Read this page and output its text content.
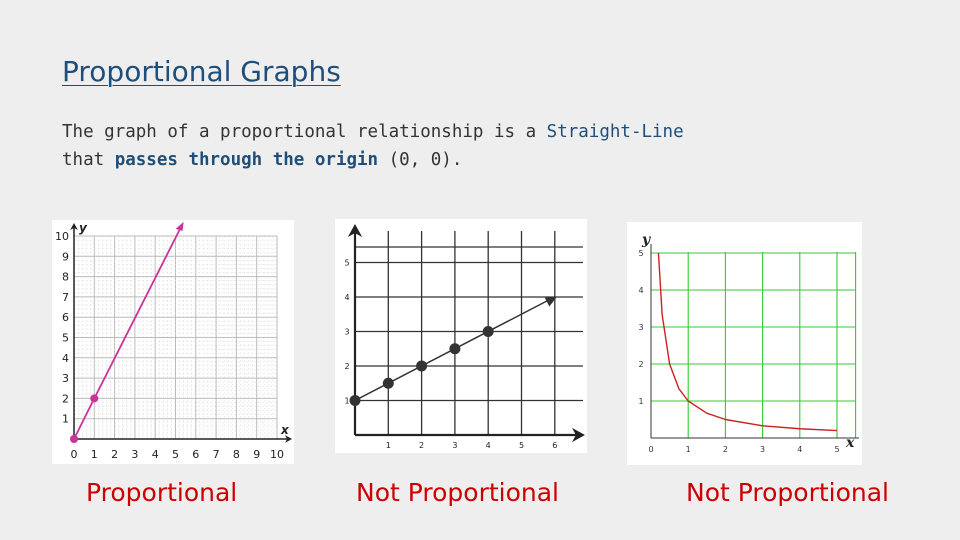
Proportional Graphs
The graph of a proportional relationship is a Straight-Line
that passes through the origin (0, 0).
0 1 2 3 4 5 6 7 8 9 10
1
2
3
4
5
6
7
8
9
10
x
y
1	2	3	4	5	6
1
2
3
4
5
0	1	2	3	4	5
1
2
3
4
5
x
y
Proportional	Not Proportional	Not Proportional
